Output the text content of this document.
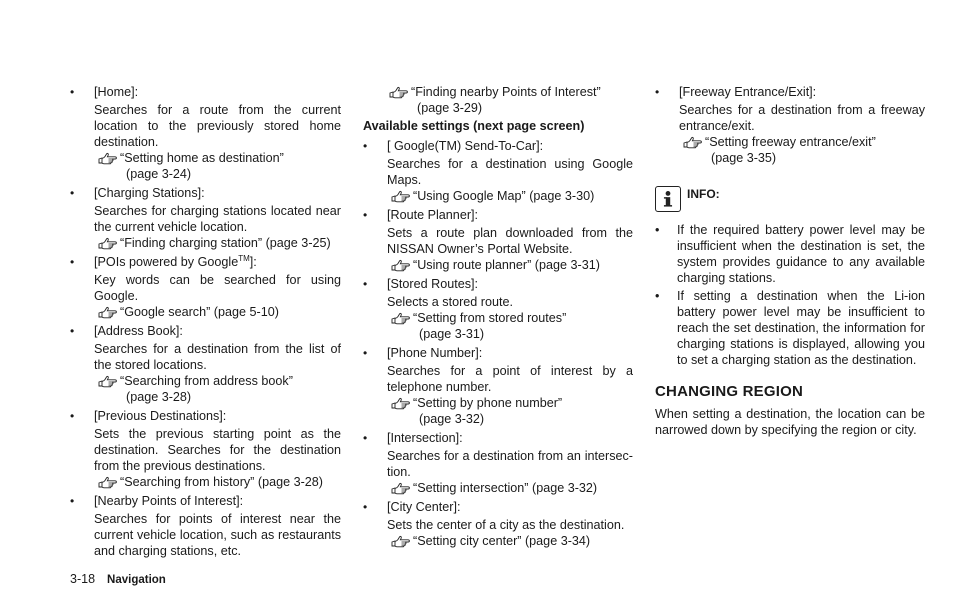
•	[Home]:
Searches for a route from the current location to the previously stored home destination.
“Setting home as destination”
(page 3-24)
•	[Charging Stations]:
Searches for charging stations located near the current vehicle location.
“Finding charging station” (page 3-25)
•	[POIs powered by Google™]:
Key words can be searched for using Google.
“Google search” (page 5-10)
•	[Address Book]:
Searches for a destination from the list of the stored locations.
“Searching from address book”
(page 3-28)
•	[Previous Destinations]:
Sets the previous starting point as the destination. Searches for the destination from the previous destinations.
“Searching from history” (page 3-28)
•	[Nearby Points of Interest]:
Searches for points of interest near the current vehicle location, such as restaurants and charging stations, etc.
“Finding nearby Points of Interest”
(page 3-29)
Available settings (next page screen)
•	[ Google(TM) Send-To-Car]:
Searches for a destination using Google Maps.
“Using Google Map” (page 3-30)
•	[Route Planner]:
Sets a route plan downloaded from the NISSAN Owner’s Portal Website.
“Using route planner” (page 3-31)
•	[Stored Routes]:
Selects a stored route.
“Setting from stored routes”
(page 3-31)
•	[Phone Number]:
Searches for a point of interest by a telephone number.
“Setting by phone number”
(page 3-32)
•	[Intersection]:
Searches for a destination from an intersec-tion.
“Setting intersection” (page 3-32)
•	[City Center]:
Sets the center of a city as the destination.
“Setting city center” (page 3-34)
•	[Freeway Entrance/Exit]:
Searches for a destination from a freeway entrance/exit.
“Setting freeway entrance/exit”
(page 3-35)
INFO:
• If the required battery power level may be insufficient when the destination is set, the system provides guidance to any available charging stations.
• If setting a destination when the Li-ion battery power level may be insufficient to reach the set destination, the information for charging stations is displayed, allowing you to set a charging station as the destination.
CHANGING REGION
When setting a destination, the location can be narrowed down by specifying the region or city.
3-18 Navigation
